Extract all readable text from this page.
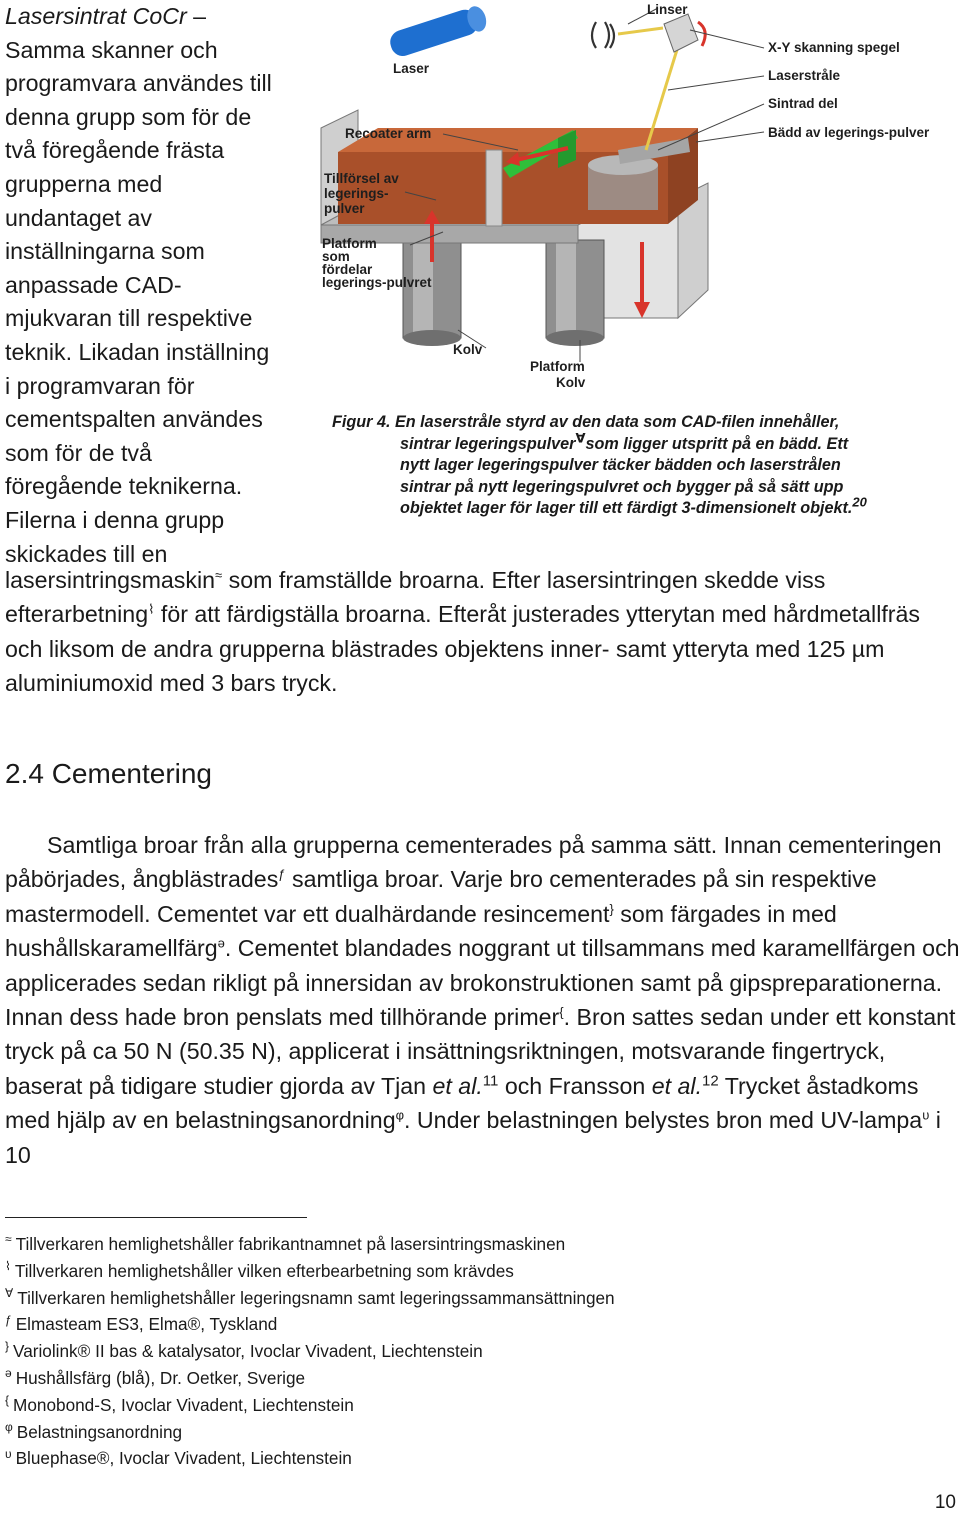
Lasersintrat CoCr –
Samma skanner och
programvara användes till
denna grupp som för de
två föregående frästa
grupperna med
undantaget av
inställningarna som
anpassade CAD-
mjukvaran till respektive
teknik. Likadan inställning
i programvaran för
cementspalten användes
som för de två
föregående teknikerna.
Filerna i denna grupp
skickades till en
Linser
X-Y skanning spegel
Laser	Laserstråle
Sintrad del
Recoater arm	Bädd av legerings-pulver
Tillförsel av
legerings-
pulver
Platform
som
fördelar
legerings-pulvret
Kolv
Platform
Kolv
Figur 4. En laserstråle styrd av den data som CAD-filen innehåller,
sintrar legeringspulver∀som ligger utspritt på en bädd. Ett
nytt lager legeringspulver täcker bädden och laserstrålen
sintrar på nytt legeringspulvret och bygger på så sätt upp
objektet lager för lager till ett färdigt 3-dimensionelt objekt.$^{20}$
lasersintringsmaskin≈ som framställde broarna. Efter lasersintringen skedde viss efterarbetning⌇ för att färdigställa broarna. Efteråt justerades ytterytan med hårdmetallfräs och liksom de andra grupperna blästrades objektens inner- samt ytteryta med 125 µm aluminiumoxid med 3 bars tryck.
2.4 Cementering
Samtliga broar från alla grupperna cementerades på samma sätt. Innan cementeringen påbörjades, ångblästrades$^ƒ$ samtliga broar. Varje bro cementerades på sin respektive mastermodell. Cementet var ett dualhärdande resincement} som färgades in med hushållskaramellfärg$^ə$. Cementet blandades noggrant ut tillsammans med karamellfärgen och applicerades sedan rikligt på innersidan av brokonstruktionen samt på gipspreparationerna. Innan dess hade bron penslats med tillhörande primer{. Bron sattes sedan under ett konstant tryck på ca 50 N (50.35 N), applicerat i insättningsriktningen, motsvarande fingertryck, baserat på tidigare studier gjorda av Tjan et al.$^{11}$ och Fransson et al.$^{12}$ Trycket åstadkoms med hjälp av en belastningsanordning$^\varphi$. Under belastningen belystes bron med UV-lampa$^\upsilon$ i 10
≈ Tillverkaren hemlighetshåller fabrikantnamnet på lasersintringsmaskinen
⌇ Tillverkaren hemlighetshåller vilken efterbearbetning som krävdes
∀ Tillverkaren hemlighetshåller legeringsnamn samt legeringssammansättningen
$^ƒ$ Elmasteam ES3, Elma®, Tyskland
} Variolink® II bas & katalysator, Ivoclar Vivadent, Liechtenstein
$^ə$ Hushållsfärg (blå), Dr. Oetker, Sverige
{ Monobond-S, Ivoclar Vivadent, Liechtenstein
$^\varphi$ Belastningsanordning
$^\upsilon$ Bluephase®, Ivoclar Vivadent, Liechtenstein
10
